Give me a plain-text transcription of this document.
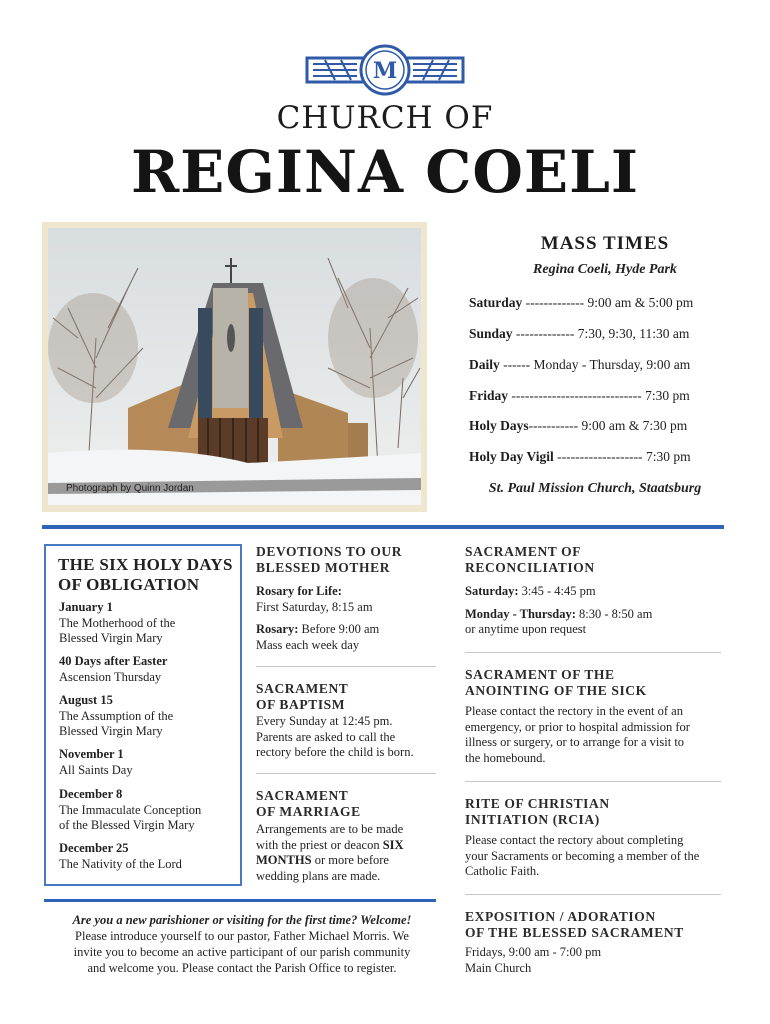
M
CHURCH OF
REGINA COELI
Photograph by Quinn Jordan
MASS TIMES
Regina Coeli, Hyde Park
Saturday ------------- 9:00 am & 5:00 pm
Sunday ------------- 7:30, 9:30, 11:30 am
Daily ------ Monday - Thursday, 9:00 am
Friday ----------------------------- 7:30 pm
Holy Days----------- 9:00 am & 7:30 pm
Holy Day Vigil ------------------- 7:30 pm
St. Paul Mission Church, Staatsburg
THE SIX HOLY DAYS
OF OBLIGATION
January 1
The Motherhood of the
Blessed Virgin Mary
40 Days after Easter
Ascension Thursday
August 15
The Assumption of the
Blessed Virgin Mary
November 1
All Saints Day
December 8
The Immaculate Conception
of the Blessed Virgin Mary
December 25
The Nativity of the Lord
DEVOTIONS TO OUR
BLESSED MOTHER
Rosary for Life:
First Saturday, 8:15 am
Rosary: Before 9:00 am
Mass each week day
SACRAMENT
OF BAPTISM
Every Sunday at 12:45 pm.
Parents are asked to call the
rectory before the child is born.
SACRAMENT
OF MARRIAGE
Arrangements are to be made
with the priest or deacon SIX
MONTHS or more before
wedding plans are made.
Are you a new parishioner or visiting for the first time? Welcome!
Please introduce yourself to our pastor, Father Michael Morris. We
invite you to become an active participant of our parish community
and welcome you. Please contact the Parish Office to register.
SACRAMENT OF
RECONCILIATION
Saturday: 3:45 - 4:45 pm
Monday - Thursday: 8:30 - 8:50 am
or anytime upon request
SACRAMENT OF THE
ANOINTING OF THE SICK
Please contact the rectory in the event of an
emergency, or prior to hospital admission for
illness or surgery, or to arrange for a visit to
the homebound.
RITE OF CHRISTIAN
INITIATION (RCIA)
Please contact the rectory about completing
your Sacraments or becoming a member of the
Catholic Faith.
EXPOSITION / ADORATION
OF THE BLESSED SACRAMENT
Fridays, 9:00 am - 7:00 pm
Main Church
